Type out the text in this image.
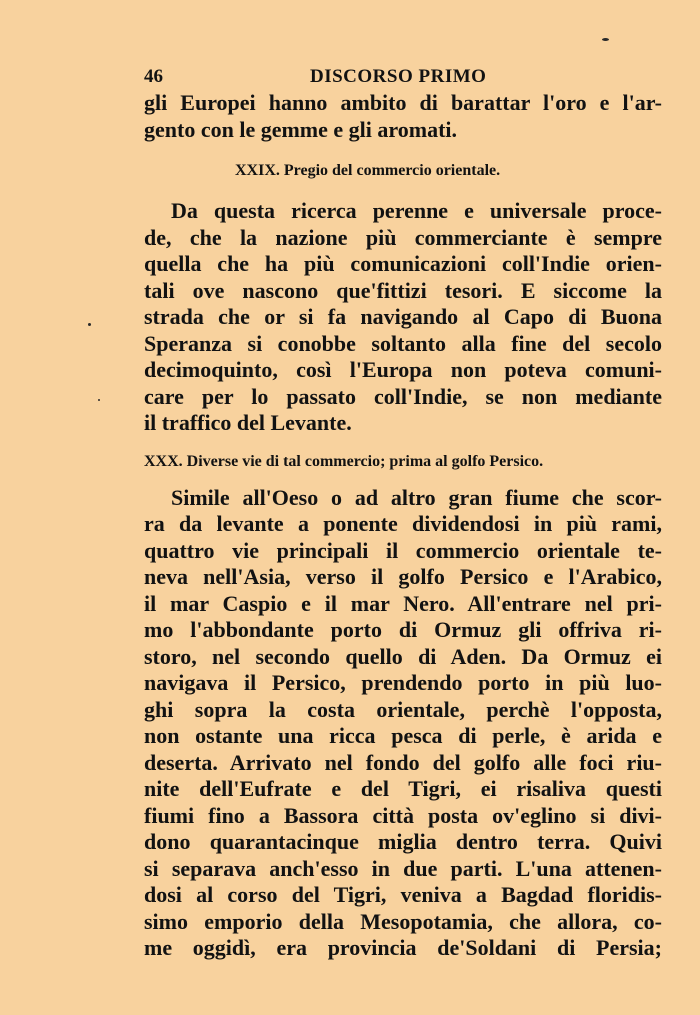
46	DISCORSO PRIMO
gli Europei hanno ambito di barattar l'oro e l'ar-
gento con le gemme e gli aromati.
XXIX. Pregio del commercio orientale.
Da questa ricerca perenne e universale proce-
de, che la nazione più commerciante è sempre
quella che ha più comunicazioni coll'Indie orien-
tali ove nascono que'fittizi tesori. E siccome la
strada che or si fa navigando al Capo di Buona
Speranza si conobbe soltanto alla fine del secolo
decimoquinto, così l'Europa non poteva comuni-
care per lo passato coll'Indie, se non mediante
il traffico del Levante.
XXX. Diverse vie di tal commercio; prima al golfo Persico.
Simile all'Oeso o ad altro gran fiume che scor-
ra da levante a ponente dividendosi in più rami,
quattro vie principali il commercio orientale te-
neva nell'Asia, verso il golfo Persico e l'Arabico,
il mar Caspio e il mar Nero. All'entrare nel pri-
mo l'abbondante porto di Ormuz gli offriva ri-
storo, nel secondo quello di Aden. Da Ormuz ei
navigava il Persico, prendendo porto in più luo-
ghi sopra la costa orientale, perchè l'opposta,
non ostante una ricca pesca di perle, è arida e
deserta. Arrivato nel fondo del golfo alle foci riu-
nite dell'Eufrate e del Tigri, ei risaliva questi
fiumi fino a Bassora città posta ov'eglino si divi-
dono quarantacinque miglia dentro terra. Quivi
si separava anch'esso in due parti. L'una attenen-
dosi al corso del Tigri, veniva a Bagdad floridis-
simo emporio della Mesopotamia, che allora, co-
me oggidì, era provincia de'Soldani di Persia;
